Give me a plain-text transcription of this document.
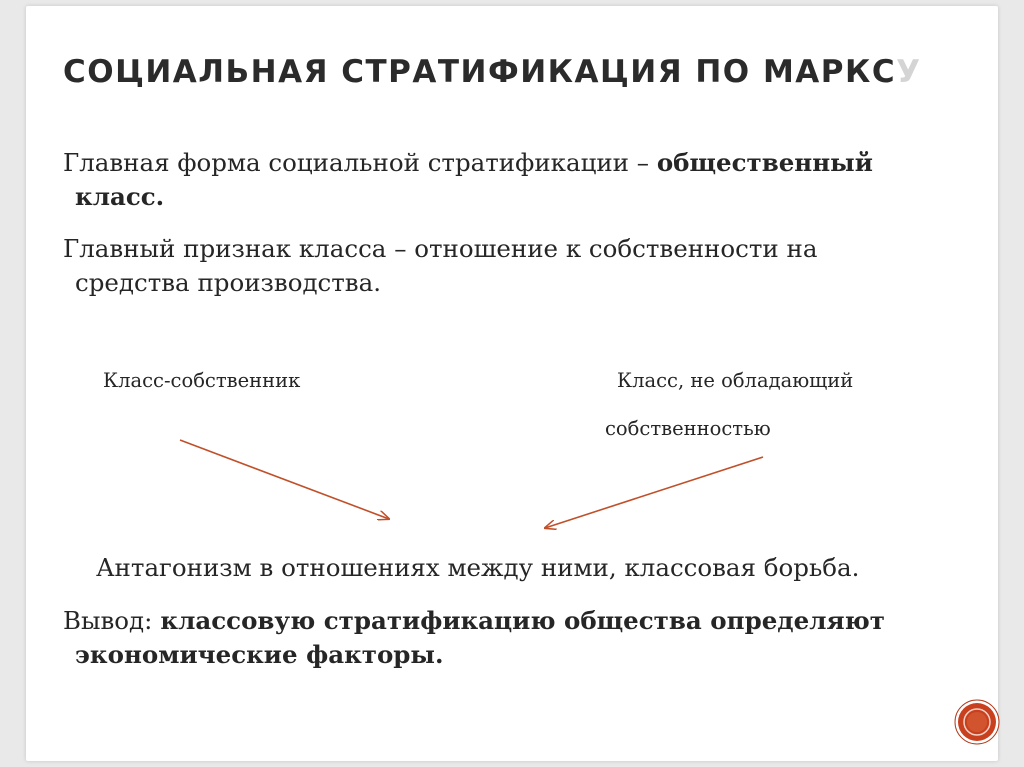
СОЦИАЛЬНАЯ СТРАТИФИКАЦИЯ ПО МАРКСУ

Главная форма социальной стратификации – общественный
класс.

Главный признак класса – отношение к собственности на
средства производства.

Класс-собственник	Класс, не обладающий

собственностью

Антагонизм в отношениях между ними, классовая борьба.

Вывод: классовую стратификацию общества определяют
экономические факторы.
